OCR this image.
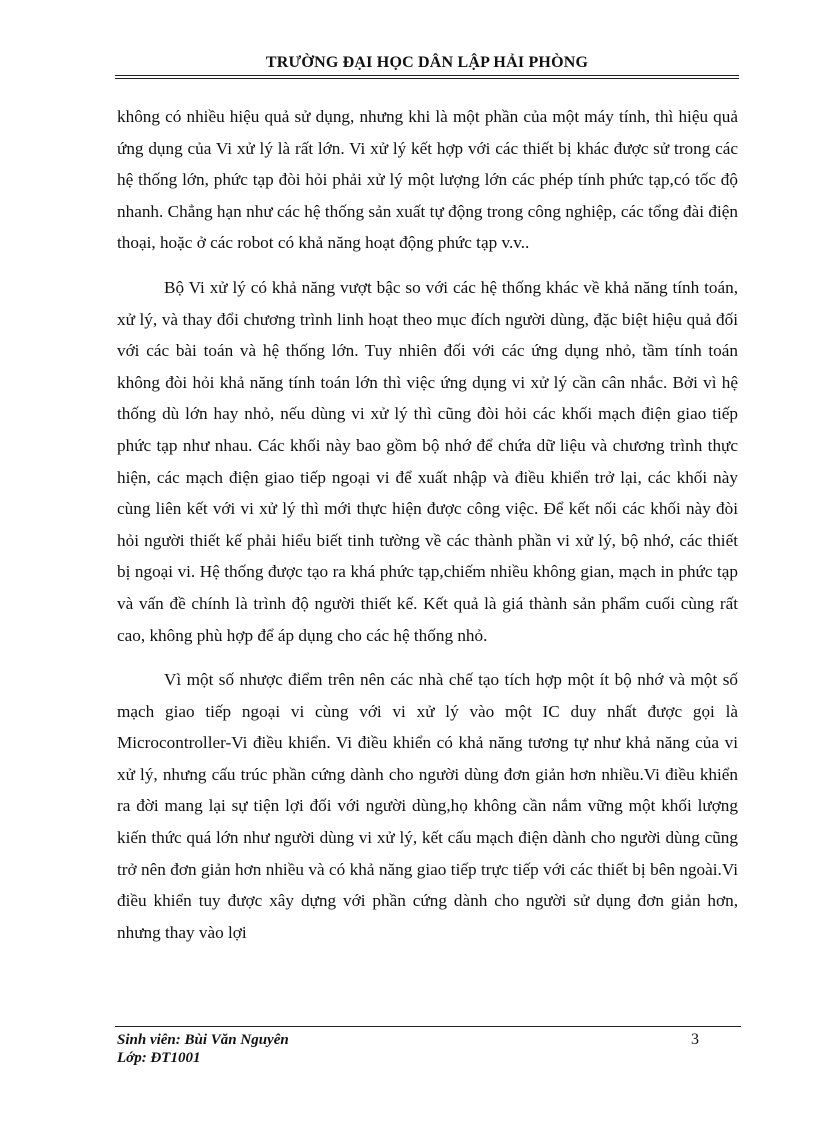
TRƯỜNG ĐẠI HỌC DÂN LẬP HẢI PHÒNG

không có nhiều hiệu quả sử dụng, nhưng khi là một phần của một máy tính, thì hiệu quả ứng dụng của Vi xử lý là rất lớn. Vi xử lý kết hợp với các thiết bị khác được sử trong các hệ thống lớn, phức tạp đòi hỏi phải xử lý một lượng lớn các phép tính phức tạp,có tốc độ nhanh. Chẳng hạn như các hệ thống sản xuất tự động trong công nghiệp, các tổng đài điện thoại, hoặc ở các robot có khả năng hoạt động phức tạp v.v..

Bộ Vi xử lý có khả năng vượt bậc so với các hệ thống khác về khả năng tính toán, xử lý, và thay đổi chương trình linh hoạt theo mục đích người dùng, đặc biệt hiệu quả đối với các bài toán và hệ thống lớn. Tuy nhiên đối với các ứng dụng nhỏ, tầm tính toán không đòi hỏi khả năng tính toán lớn thì việc ứng dụng vi xử lý cần cân nhắc. Bởi vì hệ thống dù lớn hay nhỏ, nếu dùng vi xử lý thì cũng đòi hỏi các khối mạch điện giao tiếp phức tạp như nhau. Các khối này bao gồm bộ nhớ để chứa dữ liệu và chương trình thực hiện, các mạch điện giao tiếp ngoại vi để xuất nhập và điều khiển trở lại, các khối này cùng liên kết với vi xử lý thì mới thực hiện được công việc. Để kết nối các khối này đòi hỏi người thiết kế phải hiểu biết tinh tường về các thành phần vi xử lý, bộ nhớ, các thiết bị ngoại vi. Hệ thống được tạo ra khá phức tạp,chiếm nhiều không gian, mạch in phức tạp và vấn đề chính là trình độ người thiết kế. Kết quả là giá thành sản phẩm cuối cùng rất cao, không phù hợp để áp dụng cho các hệ thống nhỏ.

Vì một số nhược điểm trên nên các nhà chế tạo tích hợp một ít bộ nhớ và một số mạch giao tiếp ngoại vi cùng với vi xử lý vào một IC duy nhất được gọi là Microcontroller-Vi điều khiển. Vi điều khiển có khả năng tương tự như khả năng của vi xử lý, nhưng cấu trúc phần cứng dành cho người dùng đơn giản hơn nhiều.Vi điều khiển ra đời mang lại sự tiện lợi đối với người dùng,họ không cần nắm vững một khối lượng kiến thức quá lớn như người dùng vi xử lý, kết cấu mạch điện dành cho người dùng cũng trở nên đơn giản hơn nhiều và có khả năng giao tiếp trực tiếp với các thiết bị bên ngoài.Vi điều khiển tuy được xây dựng với phần cứng dành cho người sử dụng đơn giản hơn, nhưng thay vào lợi

Sinh viên: Bùi Văn Nguyên	3
Lớp: ĐT1001
